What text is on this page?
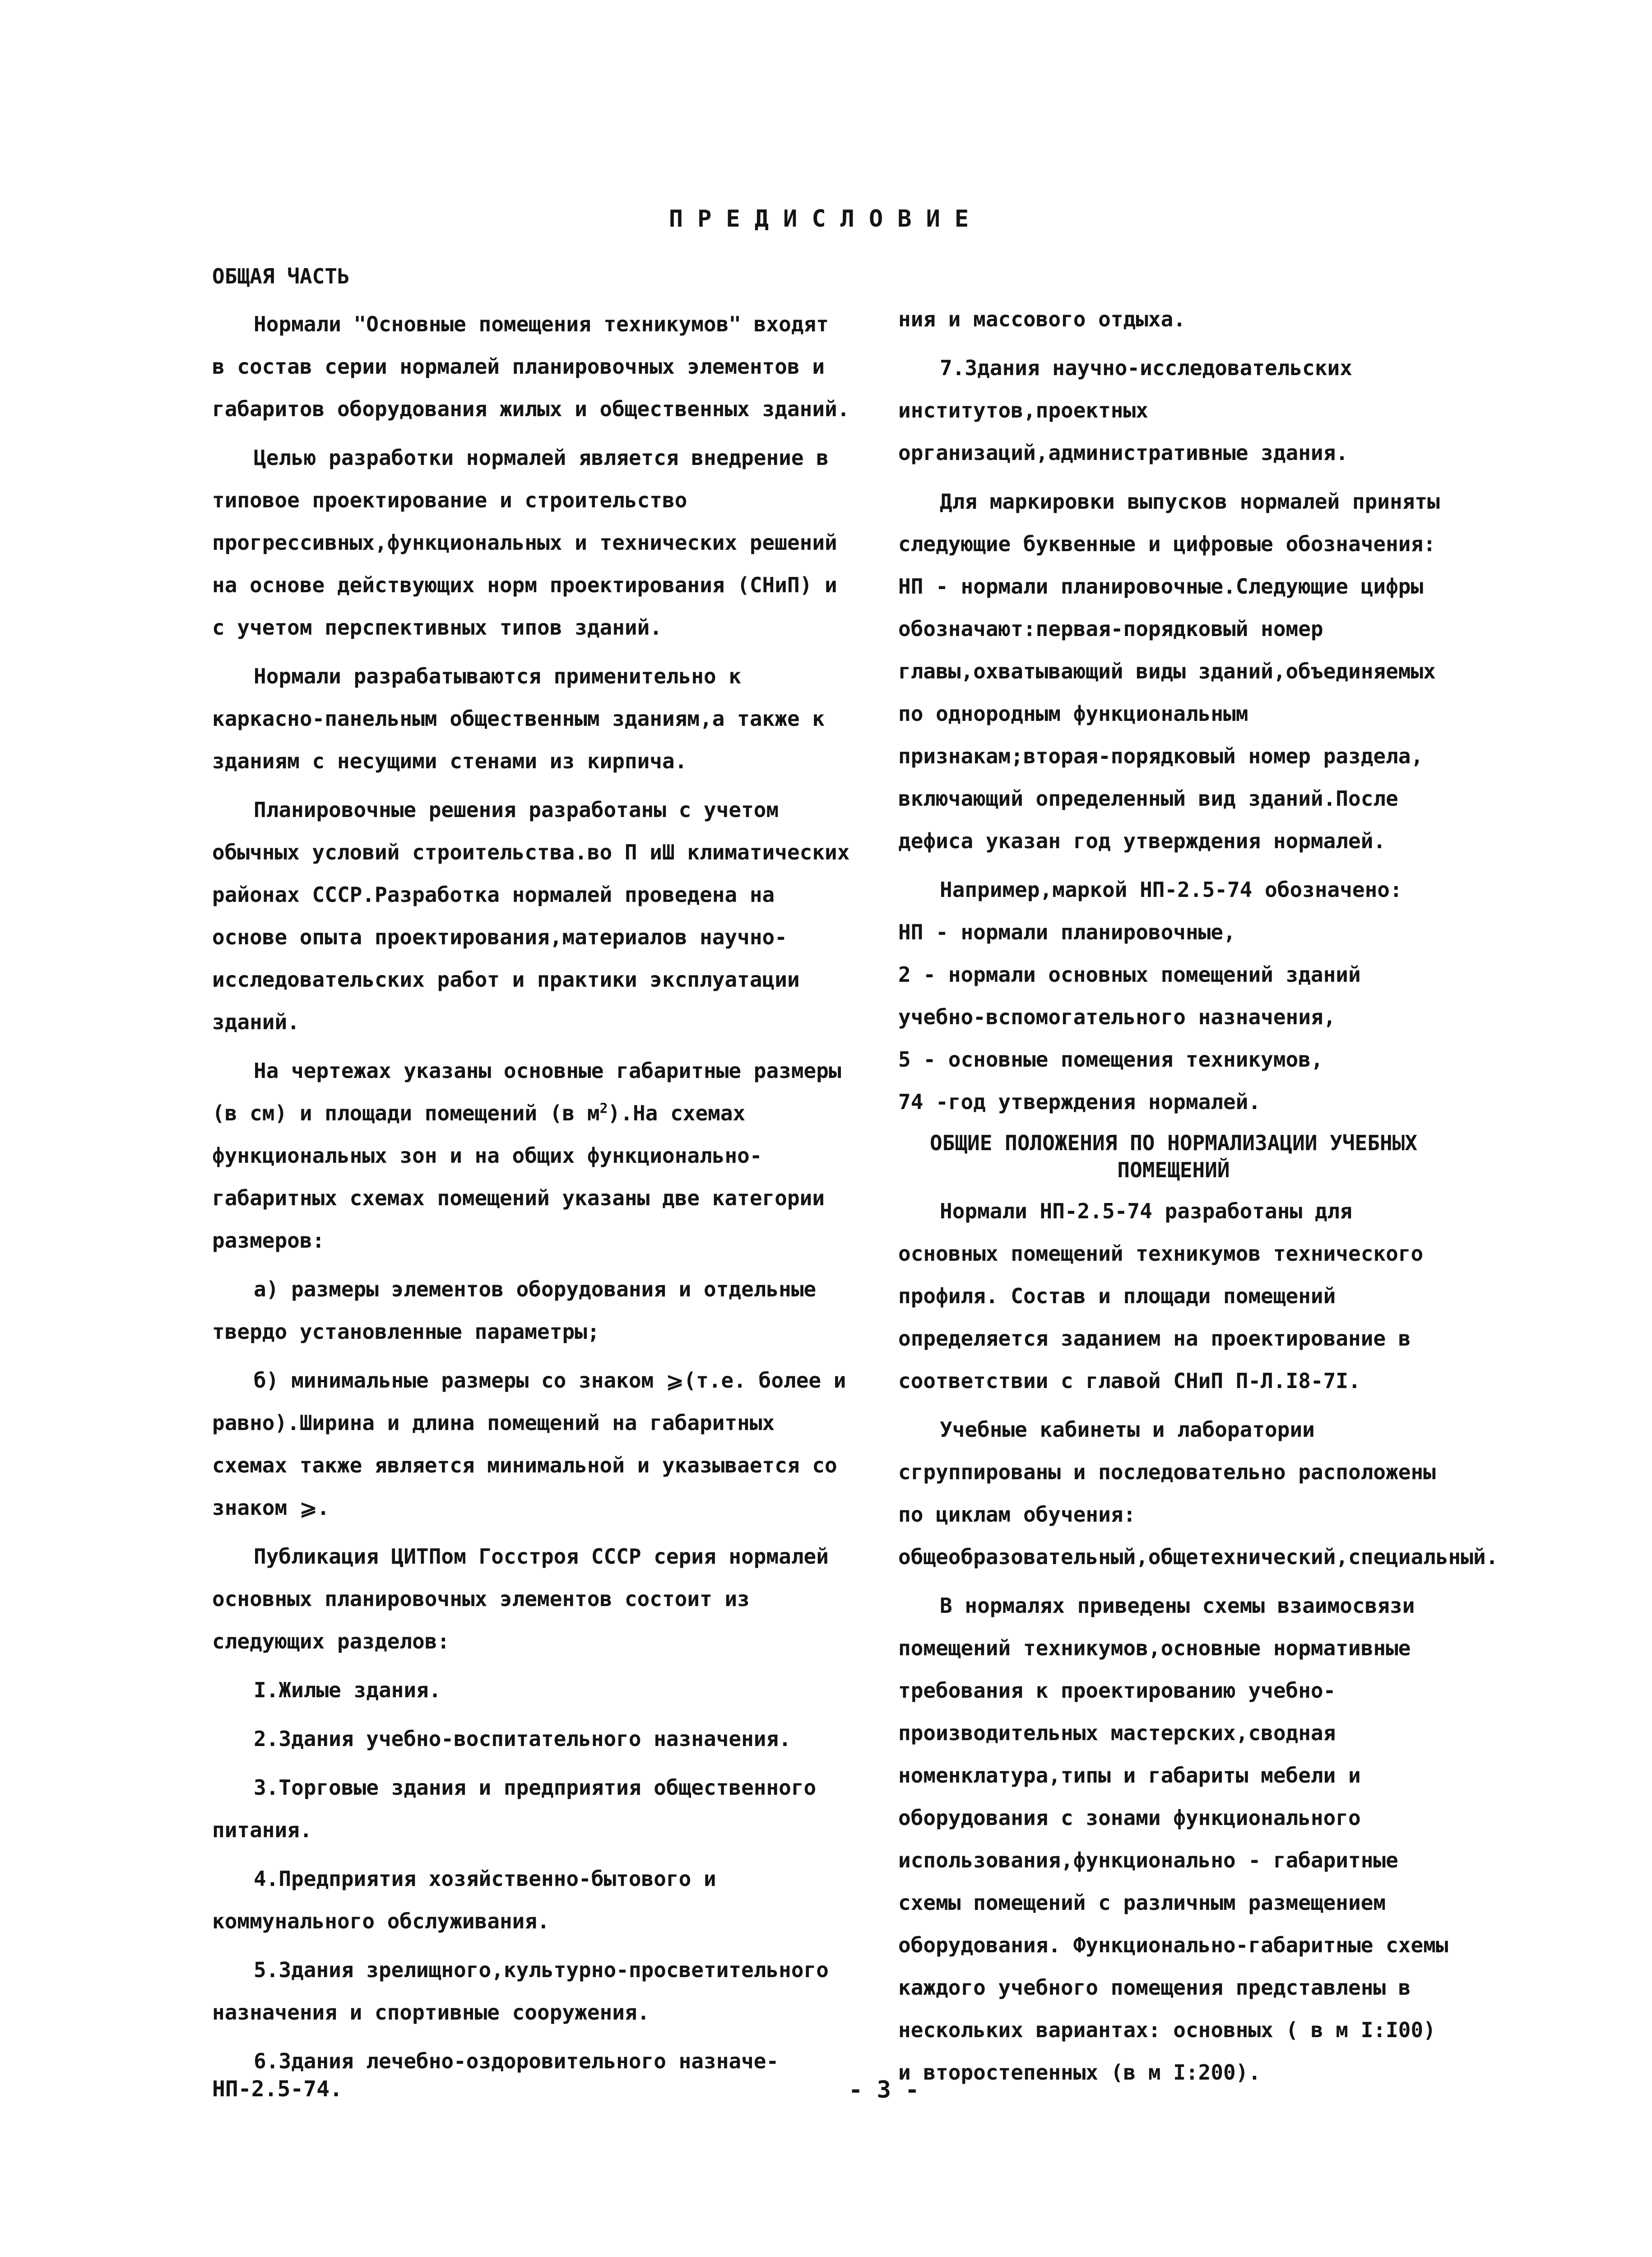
ПРЕДИСЛОВИЕ

ОБЩАЯ ЧАСТЬ

Нормали "Основные помещения техникумов" входят в состав серии нормалей планировочных элементов и габаритов оборудования жилых и общественных зданий.

Целью разработки нормалей является внедрение в типовое проектирование и строительство прогрессивных,функциональных и технических решений на основе действующих норм проектирования (СНиП) и с учетом перспективных типов зданий.

Нормали разрабатываются применительно к каркасно-панельным общественным зданиям,а также к зданиям с несущими стенами из кирпича.

Планировочные решения разработаны с учетом обычных условий строительства.во П иШ климатических районах СССР.Разработка нормалей проведена на основе опыта проектирования,материалов научно-исследовательских работ и практики эксплуатации зданий.

На чертежах указаны основные габаритные размеры (в см) и площади помещений (в $м^2).На$ схемах функциональных зон и на общих функционально-габаритных схемах помещений указаны две категории размеров:

а) размеры элементов оборудования и отдельные твердо установленные параметры;

б) минимальные размеры со знаком ⩾(т.е. более и равно).Ширина и длина помещений на габаритных схемах также является минимальной и указывается со знаком ⩾.

Публикация ЦИТПом Госстроя СССР серия нормалей основных планировочных элементов состоит из следующих разделов:

I.Жилые здания.

2.Здания учебно-воспитательного назначения.

3.Торговые здания и предприятия общественного питания.

4.Предприятия хозяйственно-бытового и коммунального обслуживания.

5.Здания зрелищного,культурно-просветительного назначения и спортивные сооружения.

6.Здания лечебно-оздоровительного назначе-

ния и массового отдыха.

7.Здания научно-исследовательских институтов,проектных организаций,административные здания.

Для маркировки выпусков нормалей приняты следующие буквенные и цифровые обозначения: НП - нормали планировочные.Следующие цифры обозначают:первая-порядковый номер главы,охватывающий виды зданий,объединяемых по однородным функциональным признакам;вторая-порядковый номер раздела, включающий определенный вид зданий.После дефиса указан год утверждения нормалей.

Например,маркой НП-2.5-74 обозначено:

НП - нормали планировочные,

2 - нормали основных помещений зданий учебно-вспомогательного назначения,

5 - основные помещения техникумов,

74 -год утверждения нормалей.

ОБЩИЕ ПОЛОЖЕНИЯ ПО НОРМАЛИЗАЦИИ УЧЕБНЫХ ПОМЕЩЕНИЙ

Нормали НП-2.5-74 разработаны для основных помещений техникумов технического профиля. Состав и площади помещений определяется заданием на проектирование в соответствии с главой СНиП П-Л.I8-7I.

Учебные кабинеты и лаборатории сгруппированы и последовательно расположены по циклам обучения: общеобразовательный,общетехнический,специальный.

В нормалях приведены схемы взаимосвязи помещений техникумов,основные нормативные требования к проектированию учебно-производительных мастерских,сводная номенклатура,типы и габариты мебели и оборудования с зонами функционального использования,функционально - габаритные схемы помещений с различным размещением оборудования. Функционально-габаритные схемы каждого учебного помещения представлены в нескольких вариантах: основных ( в м I:I00) и второстепенных (в м I:200).

НП-2.5-74.	- 3 -
